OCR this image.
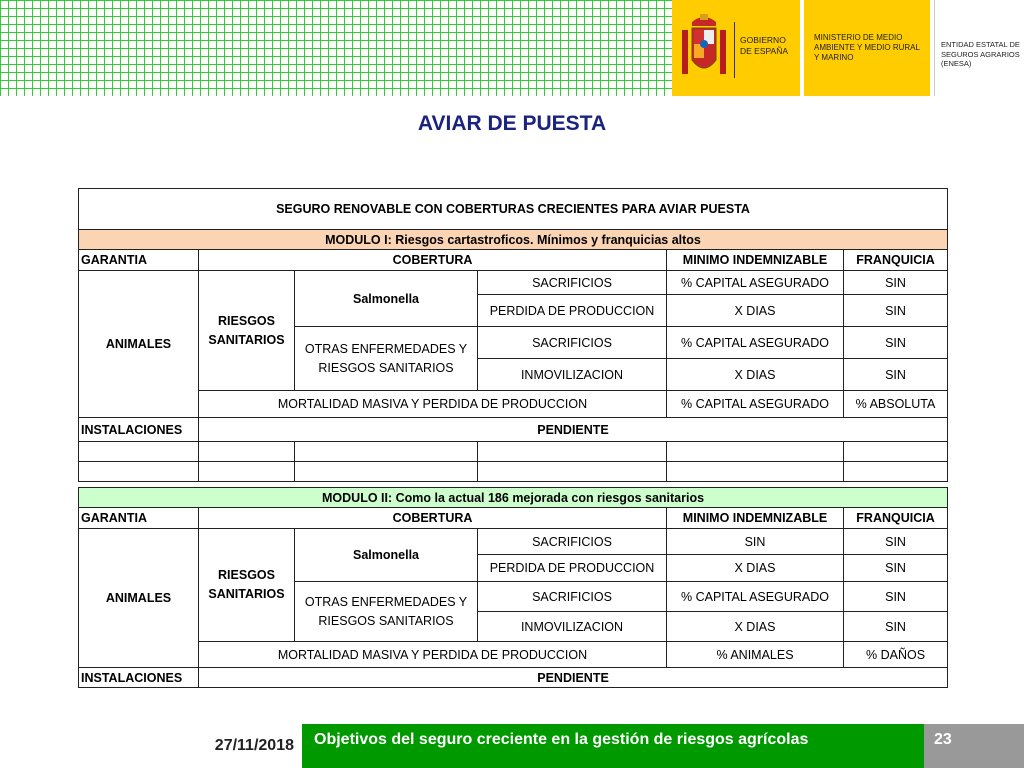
GOBIERNO DE ESPAÑA
MINISTERIO DE MEDIO AMBIENTE Y MEDIO RURAL Y MARINO
ENTIDAD ESTATAL DE SEGUROS AGRARIOS (ENESA)
AVIAR DE PUESTA
SEGURO RENOVABLE CON COBERTURAS CRECIENTES PARA AVIAR PUESTA					
MODULO I: Riesgos cartastroficos. Mínimos y franquicias altos					
GARANTIA	COBERTURA			MINIMO INDEMNIZABLE	FRANQUICIA
ANIMALES	RIESGOS SANITARIOS	Salmonella	SACRIFICIOS	% CAPITAL ASEGURADO	SIN
			PERDIDA DE PRODUCCION	X DIAS	SIN
		OTRAS ENFERMEDADES Y RIESGOS SANITARIOS	SACRIFICIOS	% CAPITAL ASEGURADO	SIN
			INMOVILIZACION	X DIAS	SIN
	MORTALIDAD MASIVA Y PERDIDA DE PRODUCCION			% CAPITAL ASEGURADO	% ABSOLUTA
INSTALACIONES	PENDIENTE				

MODULO II: Como la actual 186 mejorada con riesgos sanitarios					
GARANTIA	COBERTURA			MINIMO INDEMNIZABLE	FRANQUICIA
ANIMALES	RIESGOS SANITARIOS	Salmonella	SACRIFICIOS	SIN	SIN
			PERDIDA DE PRODUCCION	X DIAS	SIN
		OTRAS ENFERMEDADES Y RIESGOS SANITARIOS	SACRIFICIOS	% CAPITAL ASEGURADO	SIN
			INMOVILIZACION	X DIAS	SIN
	MORTALIDAD MASIVA Y PERDIDA DE PRODUCCION			% ANIMALES	% DAÑOS
INSTALACIONES	PENDIENTE				
27/11/2018	Objetivos del seguro creciente en la gestión de riesgos agrícolas	23
